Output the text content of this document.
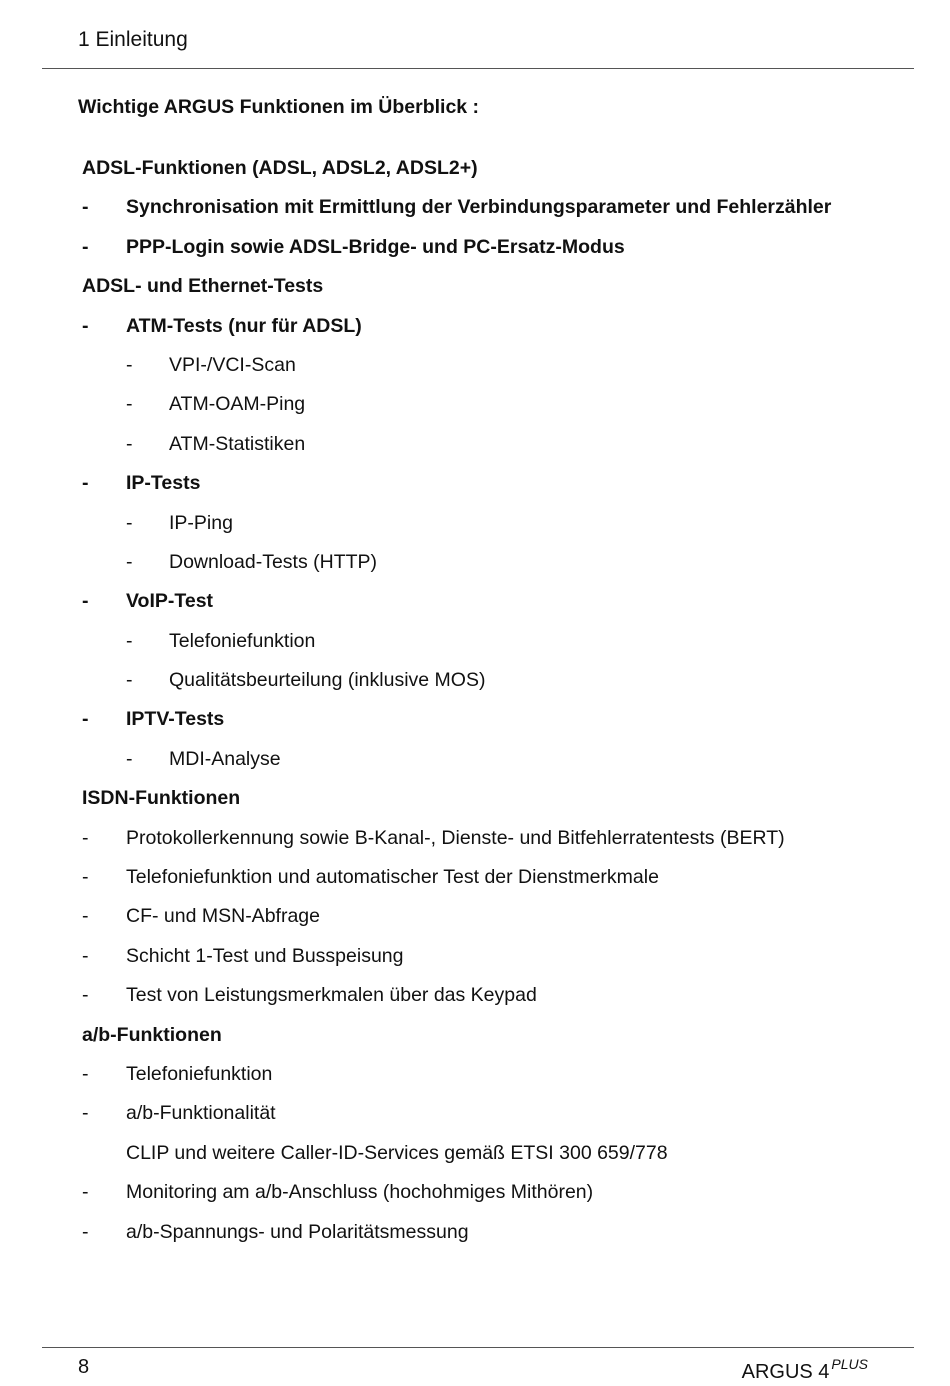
1 Einleitung
Wichtige ARGUS Funktionen im Überblick :
ADSL-Funktionen (ADSL, ADSL2, ADSL2+)
- Synchronisation mit Ermittlung der Verbindungsparameter und Fehlerzähler
- PPP-Login sowie ADSL-Bridge- und PC-Ersatz-Modus
ADSL- und Ethernet-Tests
- ATM-Tests (nur für ADSL)
- VPI-/VCI-Scan
- ATM-OAM-Ping
- ATM-Statistiken
- IP-Tests
- IP-Ping
- Download-Tests (HTTP)
- VoIP-Test
- Telefoniefunktion
- Qualitätsbeurteilung (inklusive MOS)
- IPTV-Tests
- MDI-Analyse
ISDN-Funktionen
- Protokollerkennung sowie B-Kanal-, Dienste- und Bitfehlerratentests (BERT)
- Telefoniefunktion und automatischer Test der Dienstmerkmale
- CF- und MSN-Abfrage
- Schicht 1-Test und Busspeisung
- Test von Leistungsmerkmalen über das Keypad
a/b-Funktionen
- Telefoniefunktion
- a/b-Funktionalität
CLIP und weitere Caller-ID-Services gemäß ETSI 300 659/778
- Monitoring am a/b-Anschluss (hochohmiges Mithören)
- a/b-Spannungs- und Polaritätsmessung
8	ARGUS 4 $^{PLUS}$
